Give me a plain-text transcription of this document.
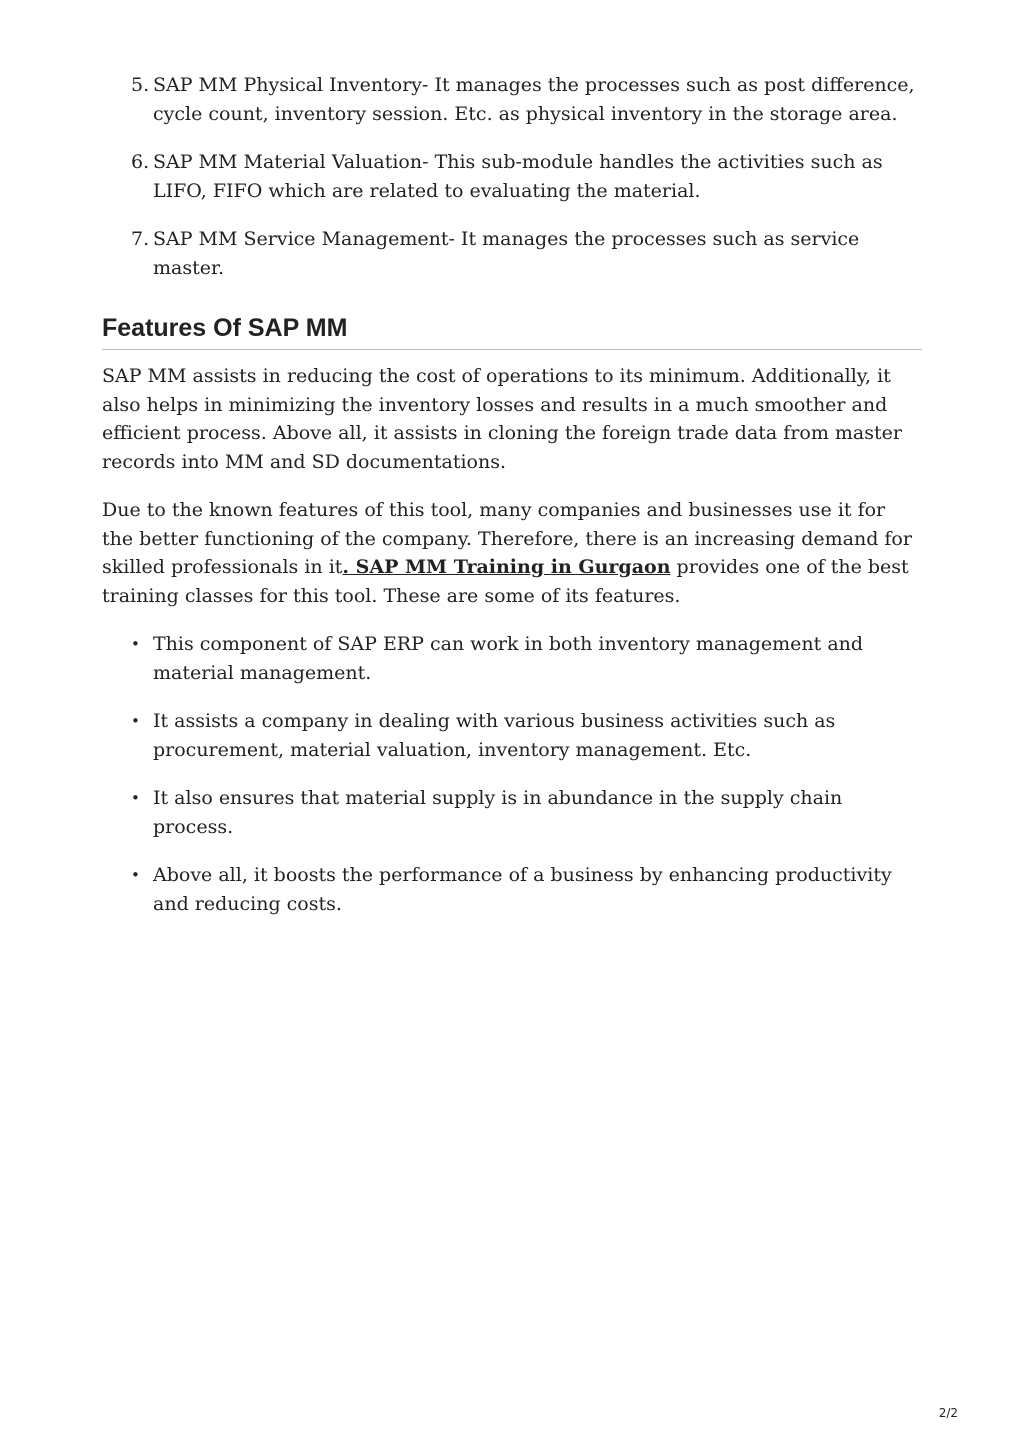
5. SAP MM Physical Inventory- It manages the processes such as post difference, cycle count, inventory session. Etc. as physical inventory in the storage area.
6. SAP MM Material Valuation- This sub-module handles the activities such as LIFO, FIFO which are related to evaluating the material.
7. SAP MM Service Management- It manages the processes such as service master.
Features Of SAP MM

SAP MM assists in reducing the cost of operations to its minimum. Additionally, it also helps in minimizing the inventory losses and results in a much smoother and efficient process. Above all, it assists in cloning the foreign trade data from master records into MM and SD documentations.

Due to the known features of this tool, many companies and businesses use it for the better functioning of the company. Therefore, there is an increasing demand for skilled professionals in it. SAP MM Training in Gurgaon provides one of the best training classes for this tool. These are some of its features.

• This component of SAP ERP can work in both inventory management and material management.
• It assists a company in dealing with various business activities such as procurement, material valuation, inventory management. Etc.
• It also ensures that material supply is in abundance in the supply chain process.
• Above all, it boosts the performance of a business by enhancing productivity and reducing costs.
2/2
